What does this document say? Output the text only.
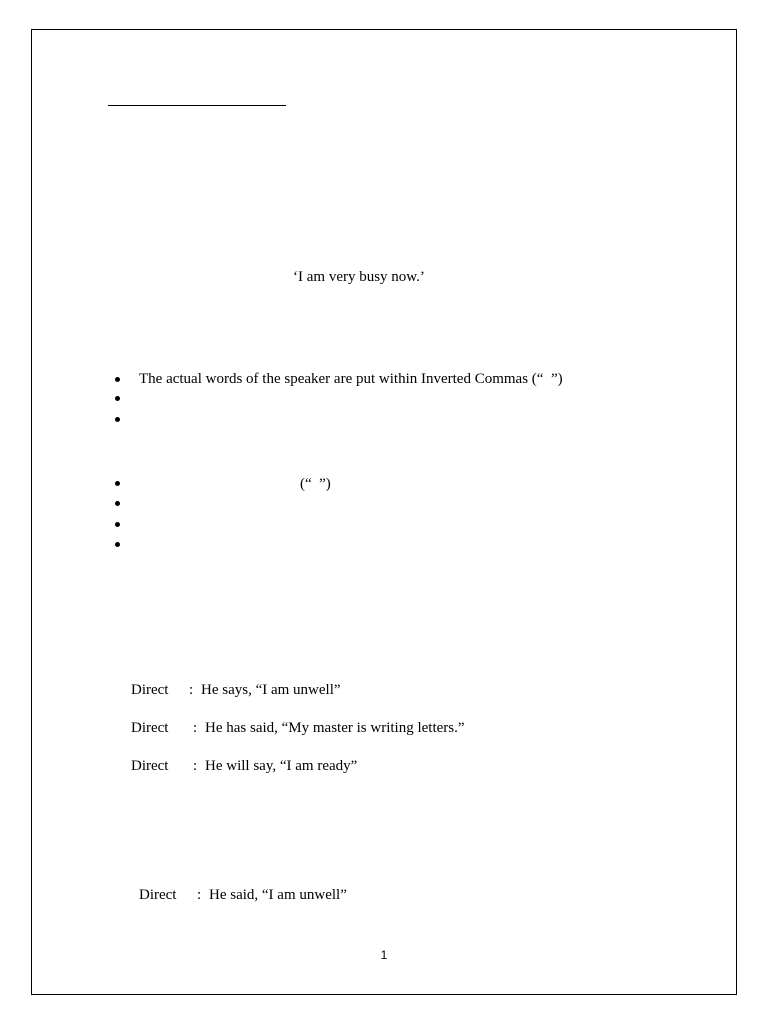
‘I am very busy now.’
The actual words of the speaker are put within Inverted Commas (“  ”)
(“  ”)
Direct : He says, “I am unwell”
Direct : He has said, “My master is writing letters.”
Direct : He will say, “I am ready”
Direct : He said, “I am unwell”
1
